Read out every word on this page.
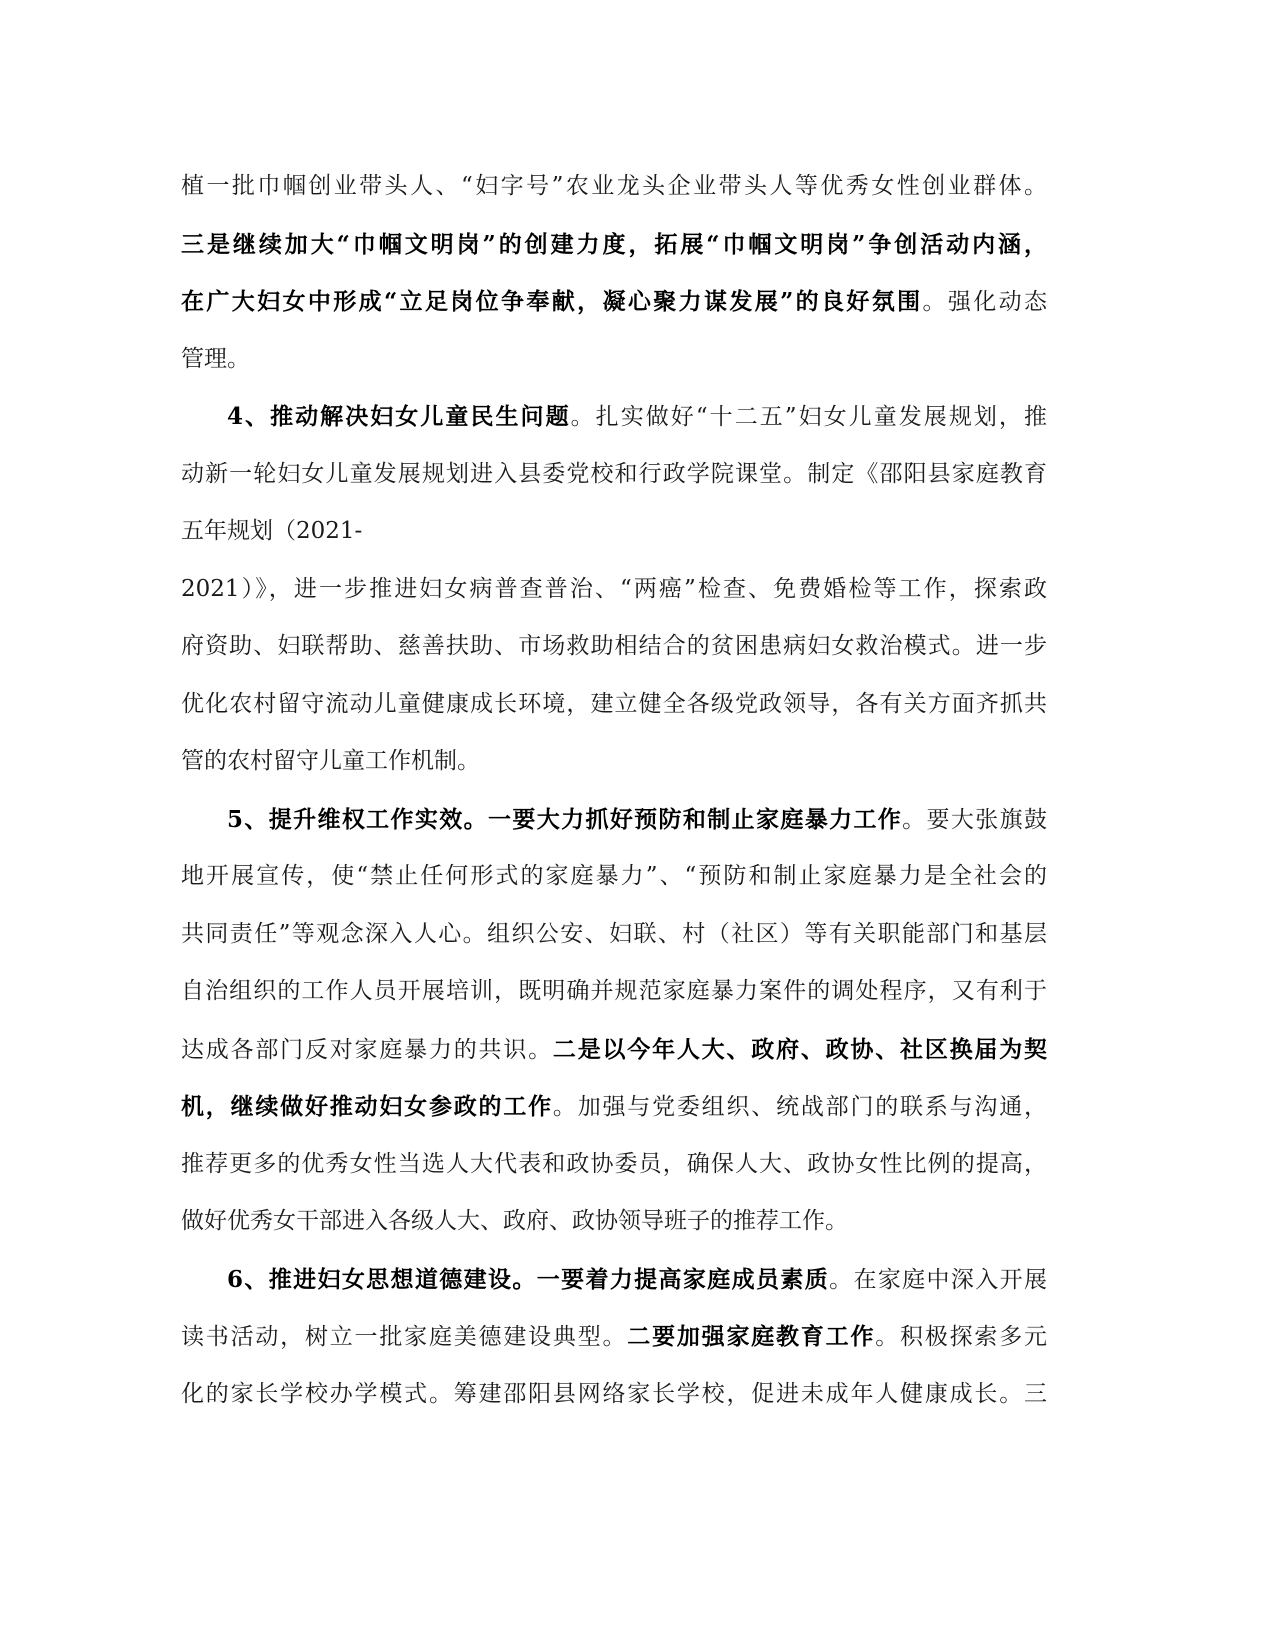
植一批巾帼创业带头人、“妇字号”农业龙头企业带头人等优秀女性创业群体。
三是继续加大“巾帼文明岗”的创建力度，拓展“巾帼文明岗”争创活动内涵，
在广大妇女中形成“立足岗位争奉献，凝心聚力谋发展”的良好氛围。强化动态
管理。
4、推动解决妇女儿童民生问题。扎实做好“十二五”妇女儿童发展规划，推
动新一轮妇女儿童发展规划进入县委党校和行政学院课堂。制定《邵阳县家庭教育
五年规划（2021-
2021）》，进一步推进妇女病普查普治、“两癌”检查、免费婚检等工作，探索政
府资助、妇联帮助、慈善扶助、市场救助相结合的贫困患病妇女救治模式。进一步
优化农村留守流动儿童健康成长环境，建立健全各级党政领导，各有关方面齐抓共
管的农村留守儿童工作机制。
5、提升维权工作实效。一要大力抓好预防和制止家庭暴力工作。要大张旗鼓
地开展宣传，使“禁止任何形式的家庭暴力”、“预防和制止家庭暴力是全社会的
共同责任”等观念深入人心。组织公安、妇联、村（社区）等有关职能部门和基层
自治组织的工作人员开展培训，既明确并规范家庭暴力案件的调处程序，又有利于
达成各部门反对家庭暴力的共识。二是以今年人大、政府、政协、社区换届为契
机，继续做好推动妇女参政的工作。加强与党委组织、统战部门的联系与沟通，
推荐更多的优秀女性当选人大代表和政协委员，确保人大、政协女性比例的提高，
做好优秀女干部进入各级人大、政府、政协领导班子的推荐工作。
6、推进妇女思想道德建设。一要着力提高家庭成员素质。在家庭中深入开展
读书活动，树立一批家庭美德建设典型。二要加强家庭教育工作。积极探索多元
化的家长学校办学模式。筹建邵阳县网络家长学校，促进未成年人健康成长。三
